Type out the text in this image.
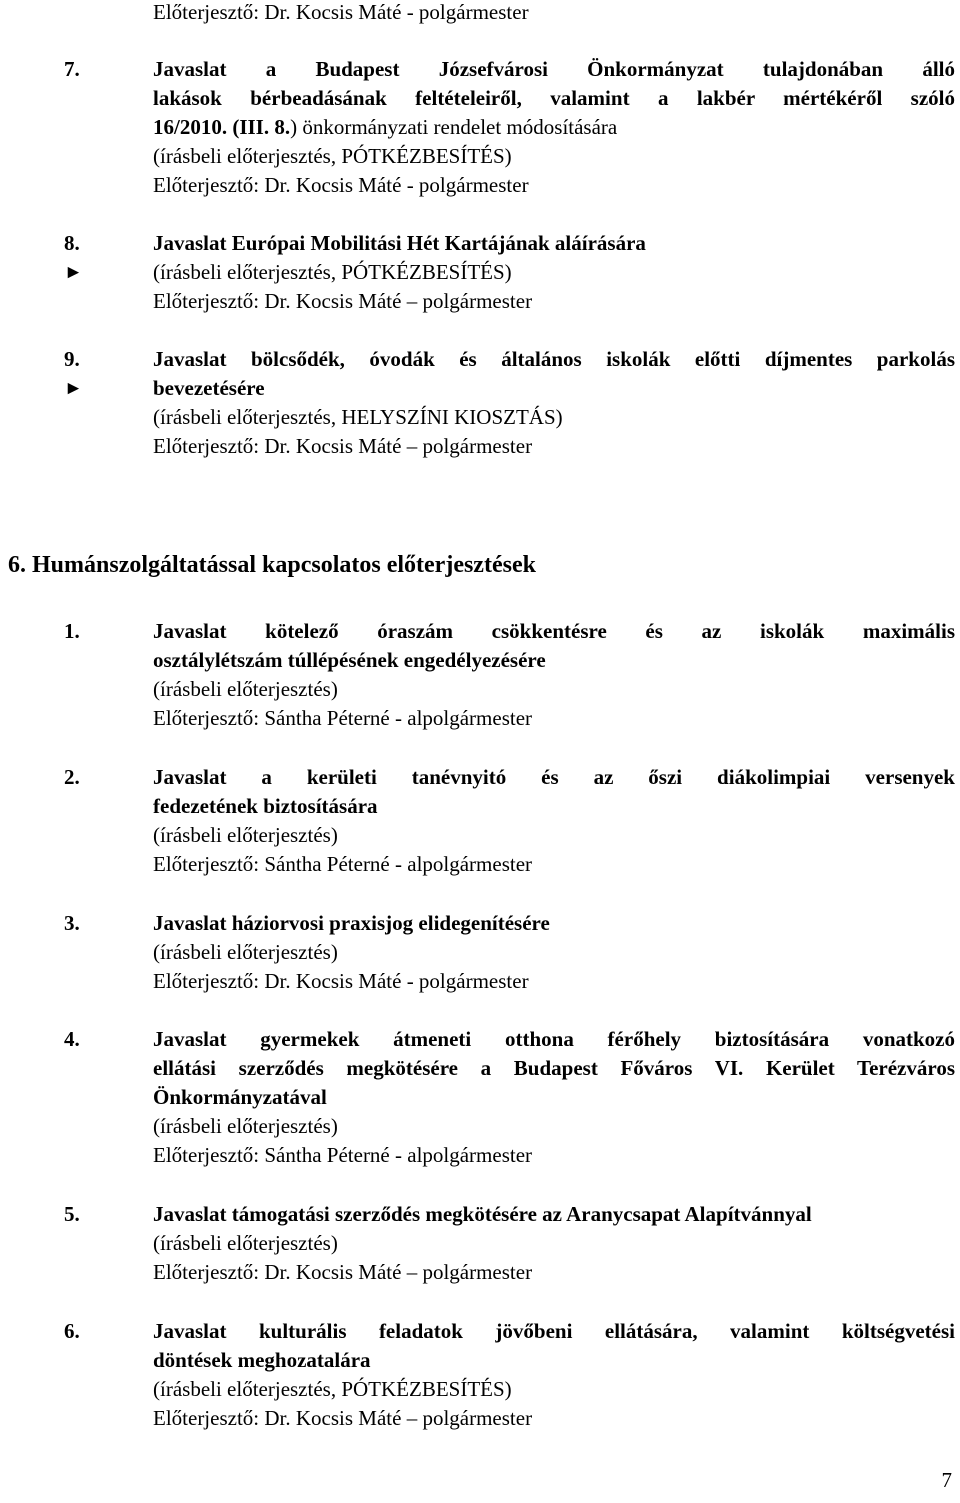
Előterjesztő: Dr. Kocsis Máté - polgármester
7.	Javaslat a Budapest Józsefvárosi Önkormányzat tulajdonában álló
lakások bérbeadásának feltételeiről, valamint a lakbér mértékéről szóló
16/2010. (III. 8.) önkormányzati rendelet módosítására
(írásbeli előterjesztés, PÓTKÉZBESÍTÉS)
Előterjesztő: Dr. Kocsis Máté - polgármester
8.	Javaslat Európai Mobilitási Hét Kartájának aláírására
►	(írásbeli előterjesztés, PÓTKÉZBESÍTÉS)
Előterjesztő: Dr. Kocsis Máté – polgármester
9.	Javaslat bölcsődék, óvodák és általános iskolák előtti díjmentes parkolás
►	bevezetésére
(írásbeli előterjesztés, HELYSZÍNI KIOSZTÁS)
Előterjesztő: Dr. Kocsis Máté – polgármester
6. Humánszolgáltatással kapcsolatos előterjesztések
1.	Javaslat kötelező óraszám csökkentésre és az iskolák maximális
osztálylétszám túllépésének engedélyezésére
(írásbeli előterjesztés)
Előterjesztő: Sántha Péterné - alpolgármester
2.	Javaslat a kerületi tanévnyitó és az őszi diákolimpiai versenyek
fedezetének biztosítására
(írásbeli előterjesztés)
Előterjesztő: Sántha Péterné - alpolgármester
3.	Javaslat háziorvosi praxisjog elidegenítésére
(írásbeli előterjesztés)
Előterjesztő: Dr. Kocsis Máté - polgármester
4.	Javaslat gyermekek átmeneti otthona férőhely biztosítására vonatkozó
ellátási szerződés megkötésére a Budapest Főváros VI. Kerület Terézváros
Önkormányzatával
(írásbeli előterjesztés)
Előterjesztő: Sántha Péterné - alpolgármester
5.	Javaslat támogatási szerződés megkötésére az Aranycsapat Alapítvánnyal
(írásbeli előterjesztés)
Előterjesztő: Dr. Kocsis Máté – polgármester
6.	Javaslat kulturális feladatok jövőbeni ellátására, valamint költségvetési
döntések meghozatalára
(írásbeli előterjesztés, PÓTKÉZBESÍTÉS)
Előterjesztő: Dr. Kocsis Máté – polgármester
7
